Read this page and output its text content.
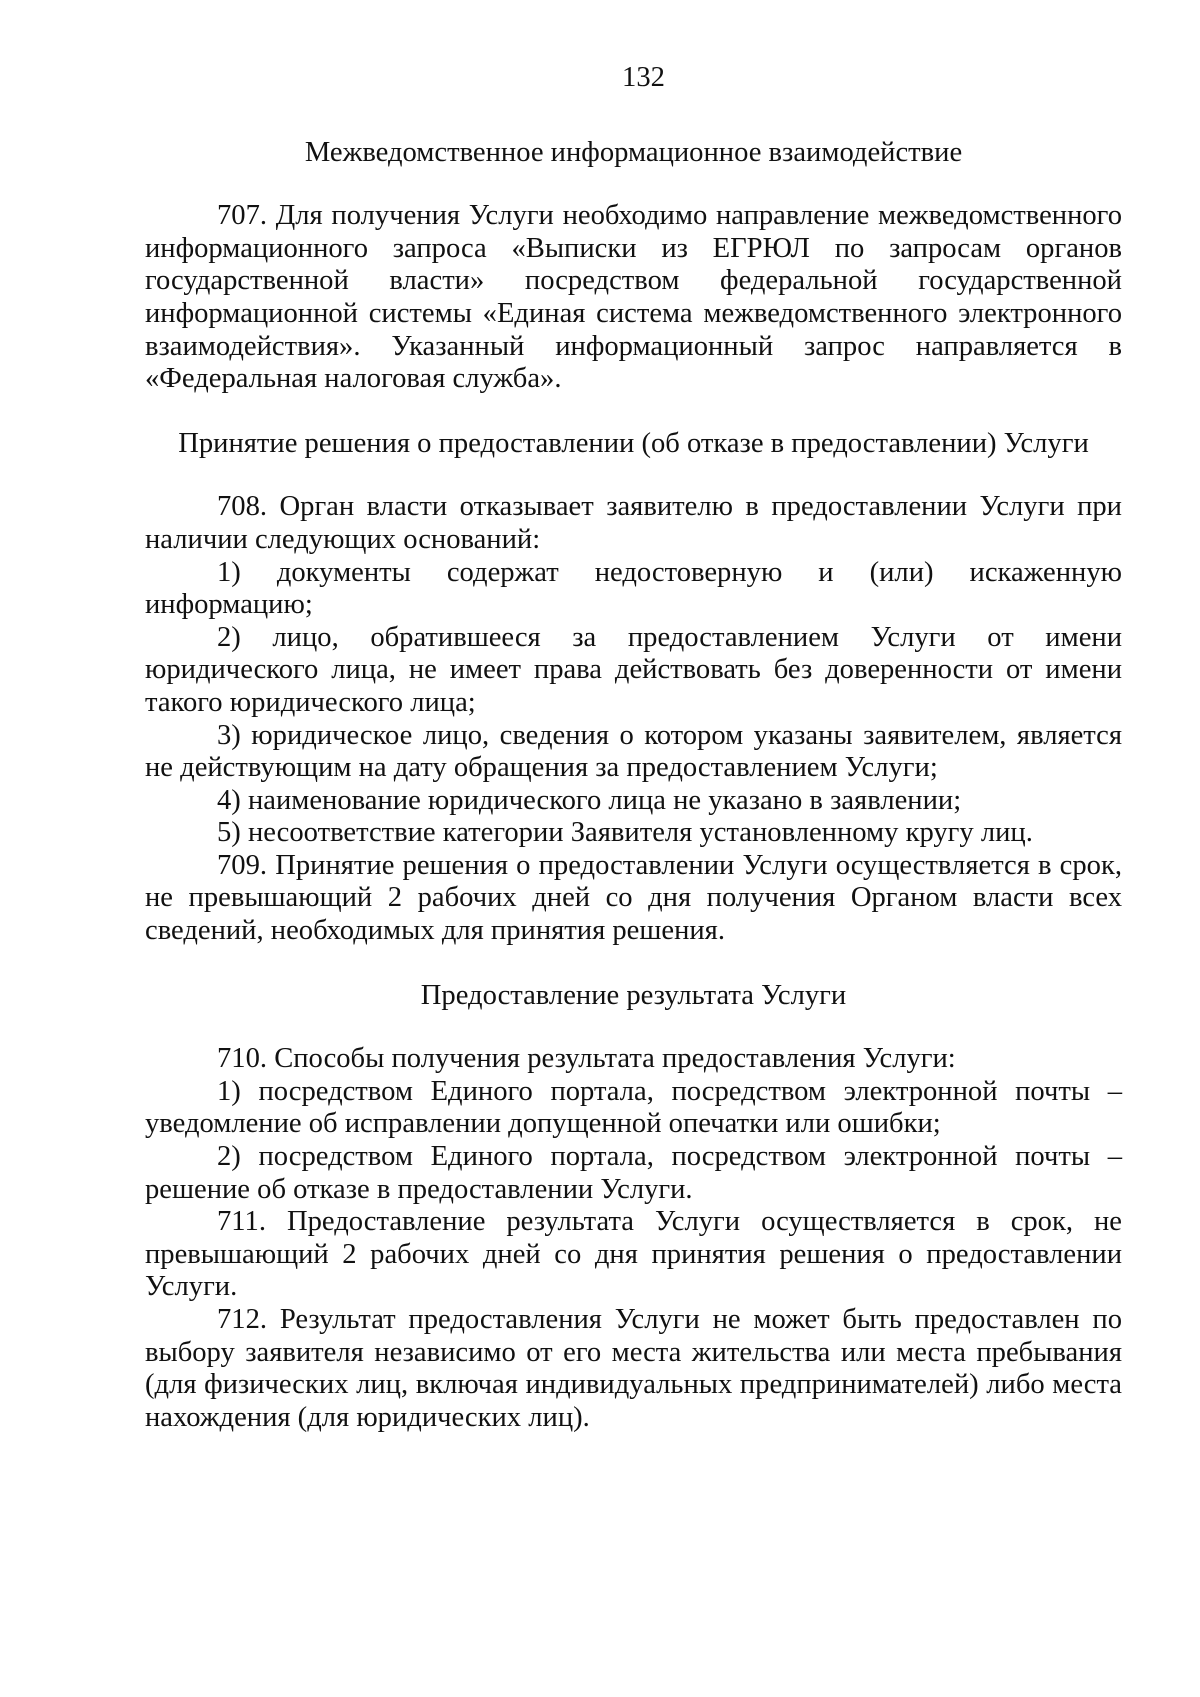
132
Межведомственное информационное взаимодействие

707. Для получения Услуги необходимо направление межведомственного информационного запроса «Выписки из ЕГРЮЛ по запросам органов государственной власти» посредством федеральной государственной информационной системы «Единая система межведомственного электронного взаимодействия». Указанный информационный запрос направляется в «Федеральная налоговая служба».

Принятие решения о предоставлении (об отказе в предоставлении) Услуги

708. Орган власти отказывает заявителю в предоставлении Услуги при наличии следующих оснований:

1) документы содержат недостоверную и (или) искаженную информацию;

2) лицо, обратившееся за предоставлением Услуги от имени юридического лица, не имеет права действовать без доверенности от имени такого юридического лица;

3) юридическое лицо, сведения о котором указаны заявителем, является не действующим на дату обращения за предоставлением Услуги;

4) наименование юридического лица не указано в заявлении;

5) несоответствие категории Заявителя установленному кругу лиц.

709. Принятие решения о предоставлении Услуги осуществляется в срок, не превышающий 2 рабочих дней со дня получения Органом власти всех сведений, необходимых для принятия решения.

Предоставление результата Услуги

710. Способы получения результата предоставления Услуги:

1) посредством Единого портала, посредством электронной почты – уведомление об исправлении допущенной опечатки или ошибки;

2) посредством Единого портала, посредством электронной почты – решение об отказе в предоставлении Услуги.

711. Предоставление результата Услуги осуществляется в срок, не превышающий 2 рабочих дней со дня принятия решения о предоставлении Услуги.

712. Результат предоставления Услуги не может быть предоставлен по выбору заявителя независимо от его места жительства или места пребывания (для физических лиц, включая индивидуальных предпринимателей) либо места нахождения (для юридических лиц).
